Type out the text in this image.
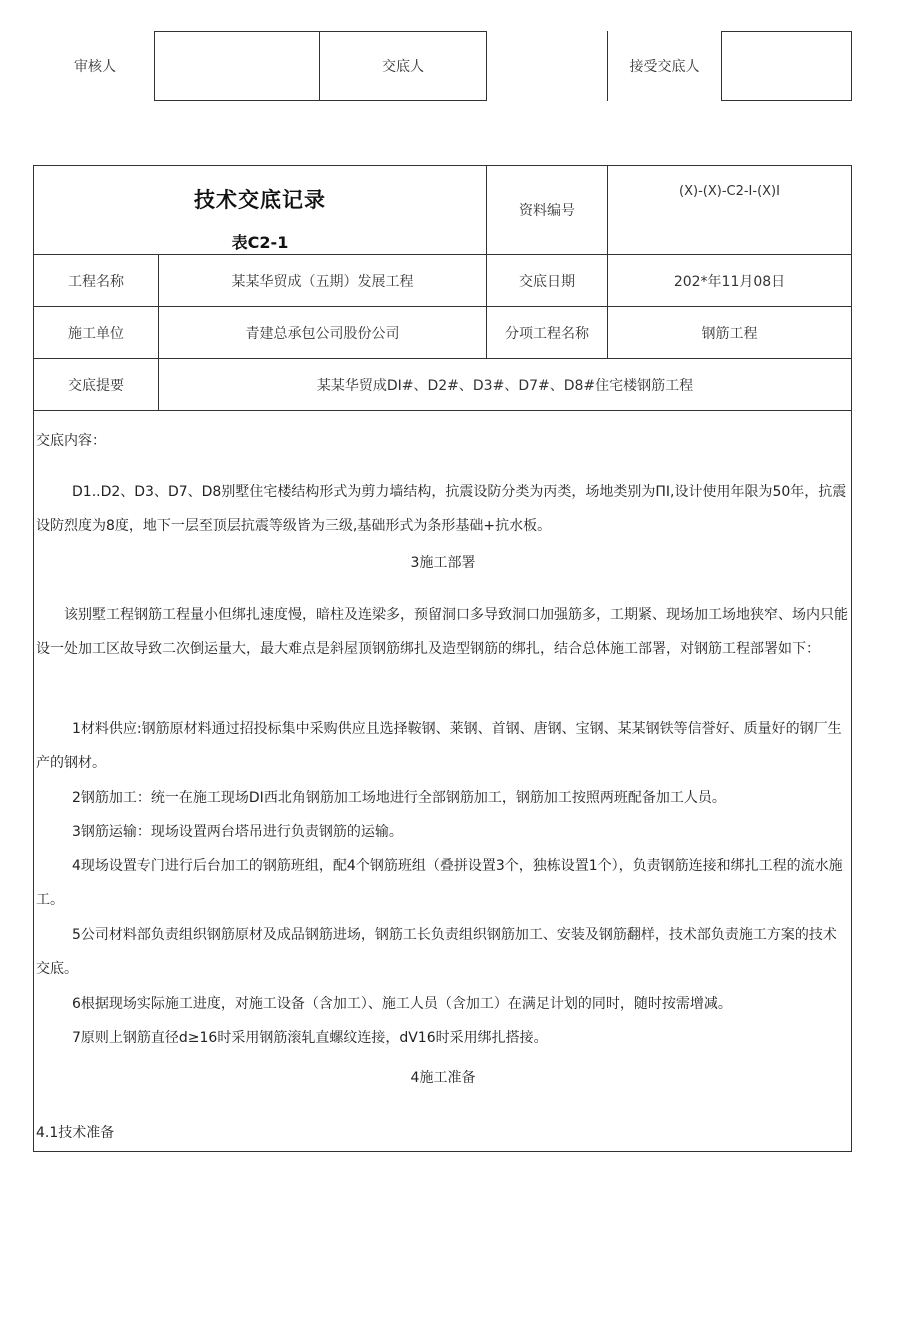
审核人	交底人	接受交底人
技术交底记录
表C2-1
资料编号
(X)-(X)-C2-I-(X)I
工程名称	某某华贸成（五期）发展工程	交底日期	202*年11月08日
施工单位	青建总承包公司股份公司	分项工程名称	钢筋工程
交底提要	某某华贸成DI#、D2#、D3#、D7#、D8#住宅楼钢筋工程
交底内容：
D1..D2、D3、D7、D8别墅住宅楼结构形式为剪力墙结构，抗震设防分类为丙类，场地类别为ΠI,设计使用年限为50年，抗震设防烈度为8度，地下一层至顶层抗震等级皆为三级,基础形式为条形基础+抗水板。
3施工部署
该别墅工程钢筋工程量小但绑扎速度慢，暗柱及连梁多，预留洞口多导致洞口加强筋多，工期紧、现场加工场地狭窄、场内只能设一处加工区故导致二次倒运量大，最大难点是斜屋顶钢筋绑扎及造型钢筋的绑扎，结合总体施工部署，对钢筋工程部署如下：
1材料供应:钢筋原材料通过招投标集中采购供应且选择鞍钢、莱钢、首钢、唐钢、宝钢、某某钢铁等信誉好、质量好的钢厂生产的钢材。
2钢筋加工：统一在施工现场DI西北角钢筋加工场地进行全部钢筋加工，钢筋加工按照两班配备加工人员。
3钢筋运输：现场设置两台塔吊进行负责钢筋的运输。
4现场设置专门进行后台加工的钢筋班组，配4个钢筋班组（叠拼设置3个，独栋设置1个），负责钢筋连接和绑扎工程的流水施工。
5公司材料部负责组织钢筋原材及成品钢筋进场，钢筋工长负责组织钢筋加工、安装及钢筋翻样，技术部负责施工方案的技术交底。
6根据现场实际施工进度，对施工设备（含加工）、施工人员（含加工）在满足计划的同时，随时按需增减。
7原则上钢筋直径d≥16时采用钢筋滚轧直螺纹连接，dV16时采用绑扎搭接。
4施工准备
4.1技术准备
